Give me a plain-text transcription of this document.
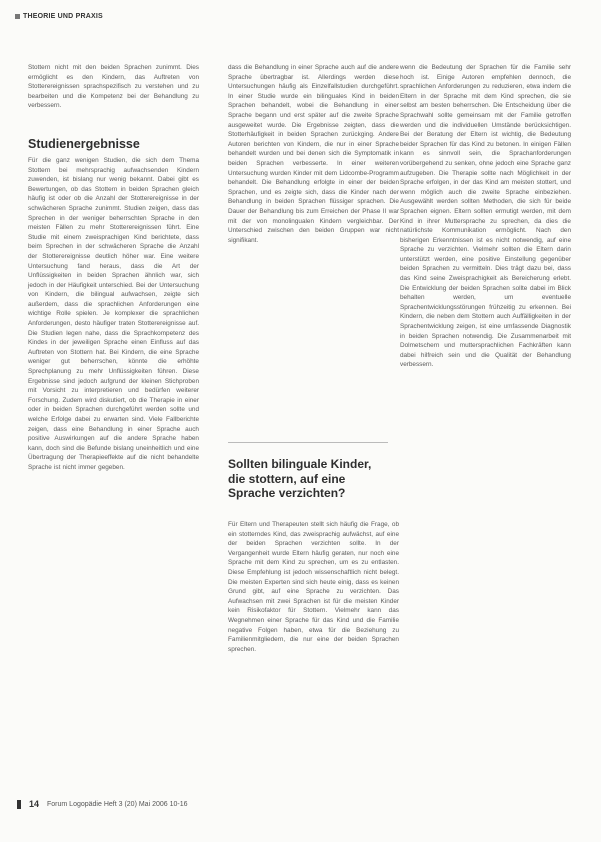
THEORIE UND PRAXIS

Stottern nicht mit den beiden Sprachen zunimmt. Dies ermöglicht es den Kindern, das Auftreten von Stotterereignissen sprachspezifisch zu verstehen und zu bearbeiten und die Kompetenz bei der Behandlung zu verbessern.

Studienergebnisse

Für die ganz wenigen Studien, die sich dem Thema Stottern bei mehrsprachig aufwachsenden Kindern zuwenden, ist bislang nur wenig bekannt. Dabei gibt es Bewertungen, ob das Stottern in beiden Sprachen gleich häufig ist oder ob die Anzahl der Stotterereignisse in der schwächeren Sprache zunimmt. Studien zeigen, dass das Sprechen in der weniger beherrschten Sprache in den meisten Fällen zu mehr Stotterereignissen führt. Eine Studie mit einem zweisprachigen Kind berichtete, dass beim Sprechen in der schwächeren Sprache die Anzahl der Stotterereignisse deutlich höher war. Eine weitere Untersuchung fand heraus, dass die Art der Unflüssigkeiten in beiden Sprachen ähnlich war, sich jedoch in der Häufigkeit unterschied. Bei der Untersuchung von Kindern, die bilingual aufwachsen, zeigte sich außerdem, dass die sprachlichen Anforderungen eine wichtige Rolle spielen. Je komplexer die sprachlichen Anforderungen, desto häufiger traten Stotterereignisse auf. Die Studien legen nahe, dass die Sprachkompetenz des Kindes in der jeweiligen Sprache einen Einfluss auf das Auftreten von Stottern hat. Bei Kindern, die eine Sprache weniger gut beherrschen, könnte die erhöhte Sprechplanung zu mehr Unflüssigkeiten führen. Diese Ergebnisse sind jedoch aufgrund der kleinen Stichproben mit Vorsicht zu interpretieren und bedürfen weiterer Forschung. Zudem wird diskutiert, ob die Therapie in einer oder in beiden Sprachen durchgeführt werden sollte und welche Erfolge dabei zu erwarten sind. Viele Fallberichte zeigen, dass eine Behandlung in einer Sprache auch positive Auswirkungen auf die andere Sprache haben kann, doch sind die Befunde bislang uneinheitlich und eine Übertragung der Therapieeffekte auf die nicht behandelte Sprache ist nicht immer gegeben.

dass die Behandlung in einer Sprache auch auf die andere Sprache übertragbar ist. Allerdings werden diese Untersuchungen häufig als Einzelfallstudien durchgeführt. In einer Studie wurde ein bilinguales Kind in beiden Sprachen behandelt, wobei die Behandlung in einer Sprache begann und erst später auf die zweite Sprache ausgeweitet wurde. Die Ergebnisse zeigten, dass die Stotterhäufigkeit in beiden Sprachen zurückging. Andere Autoren berichten von Kindern, die nur in einer Sprache behandelt wurden und bei denen sich die Symptomatik in beiden Sprachen verbesserte. In einer weiteren Untersuchung wurden Kinder mit dem Lidcombe-Programm behandelt. Die Behandlung erfolgte in einer der beiden Sprachen, und es zeigte sich, dass die Kinder nach der Behandlung in beiden Sprachen flüssiger sprachen. Die Dauer der Behandlung bis zum Erreichen der Phase II war mit der von monolingualen Kindern vergleichbar. Der Unterschied zwischen den beiden Gruppen war nicht signifikant.

Sollten bilinguale Kinder, die stottern, auf eine Sprache verzichten?

Für Eltern und Therapeuten stellt sich häufig die Frage, ob ein stotterndes Kind, das zweisprachig aufwächst, auf eine der beiden Sprachen verzichten sollte. In der Vergangenheit wurde Eltern häufig geraten, nur noch eine Sprache mit dem Kind zu sprechen, um es zu entlasten. Diese Empfehlung ist jedoch wissenschaftlich nicht belegt. Die meisten Experten sind sich heute einig, dass es keinen Grund gibt, auf eine Sprache zu verzichten. Das Aufwachsen mit zwei Sprachen ist für die meisten Kinder kein Risikofaktor für Stottern. Vielmehr kann das Wegnehmen einer Sprache für das Kind und die Familie negative Folgen haben, etwa für die Beziehung zu Familienmitgliedern, die nur eine der beiden Sprachen sprechen.

wenn die Bedeutung der Sprachen für die Familie sehr hoch ist. Einige Autoren empfehlen dennoch, die sprachlichen Anforderungen zu reduzieren, etwa indem die Eltern in der Sprache mit dem Kind sprechen, die sie selbst am besten beherrschen. Die Entscheidung über die Sprachwahl sollte gemeinsam mit der Familie getroffen werden und die individuellen Umstände berücksichtigen. Bei der Beratung der Eltern ist wichtig, die Bedeutung beider Sprachen für das Kind zu betonen. In einigen Fällen kann es sinnvoll sein, die Sprachanforderungen vorübergehend zu senken, ohne jedoch eine Sprache ganz aufzugeben. Die Therapie sollte nach Möglichkeit in der Sprache erfolgen, in der das Kind am meisten stottert, und wenn möglich auch die zweite Sprache einbeziehen. Ausgewählt werden sollten Methoden, die sich für beide Sprachen eignen. Eltern sollten ermutigt werden, mit dem Kind in ihrer Muttersprache zu sprechen, da dies die natürlichste Kommunikation ermöglicht. Nach den bisherigen Erkenntnissen ist es nicht notwendig, auf eine Sprache zu verzichten. Vielmehr sollten die Eltern darin unterstützt werden, eine positive Einstellung gegenüber beiden Sprachen zu vermitteln. Dies trägt dazu bei, dass das Kind seine Zweisprachigkeit als Bereicherung erlebt. Die Entwicklung der beiden Sprachen sollte dabei im Blick behalten werden, um eventuelle Sprachentwicklungsstörungen frühzeitig zu erkennen. Bei Kindern, die neben dem Stottern auch Auffälligkeiten in der Sprachentwicklung zeigen, ist eine umfassende Diagnostik in beiden Sprachen notwendig. Die Zusammenarbeit mit Dolmetschern und muttersprachlichen Fachkräften kann dabei hilfreich sein und die Qualität der Behandlung verbessern.

14 Forum Logopädie Heft 3 (20) Mai 2006 10-16
